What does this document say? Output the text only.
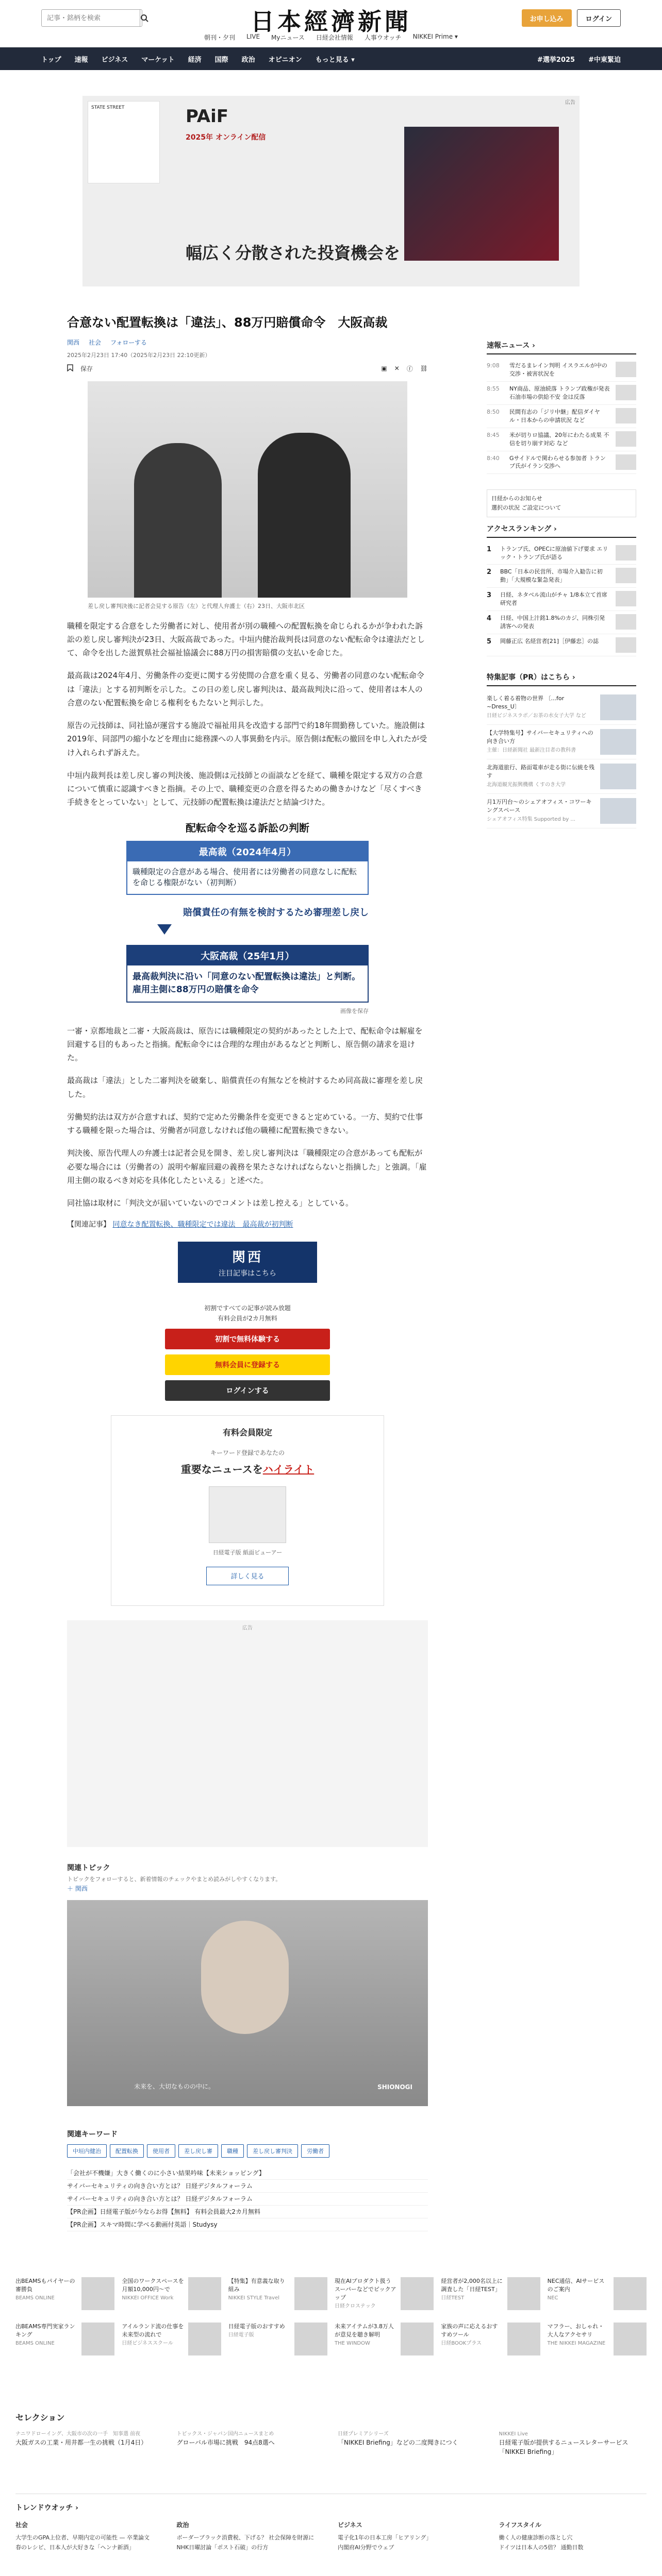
記事・銘柄を検索
日本經濟新聞	お申し込み	ログイン
朝刊・夕刊 LIVE Myニュース 日経会社情報 人事ウオッチ NIKKEI Prime ▾
トップ 速報 ビジネス マーケット 経済 国際 政治 オピニオン もっと見る ▾	#選挙2025 #中東緊迫
広告
STATE STREET	PAiF
2025年 オンライン配信
幅広く分散された投資機会を
合意ない配置転換は「違法」、88万円賠償命令　大阪高裁
関西 社会 フォローする
2025年2月23日 17:40（2025年2月23日 22:10更新）
保存	▣ ✕ ⓕ ⛓
差し戻し審判決後に記者会見する原告（左）と代理人弁護士（右）23日、大阪市北区

職種を限定する合意をした労働者に対し、使用者が別の職種への配置転換を命じられるかが争われた訴訟の差し戻し審判決が23日、大阪高裁であった。中垣内健治裁判長は同意のない配転命令は違法だとして、命令を出した滋賀県社会福祉協議会に88万円の損害賠償の支払いを命じた。

最高裁は2024年4月、労働条件の変更に関する労使間の合意を重く見る、労働者の同意のない配転命令は「違法」とする初判断を示した。この日の差し戻し審判決は、最高裁判決に沿って、使用者は本人の合意のない配置転換を命じる権利をもたないと判示した。

原告の元技師は、同社協が運営する施設で福祉用具を改造する部門で約18年間勤務していた。施設側は2019年、同部門の縮小などを理由に総務課への人事異動を内示。原告側は配転の撤回を申し入れたが受け入れられず訴えた。

中垣内裁判長は差し戻し審の判決後、施設側は元技師との面談などを経て、職種を限定する双方の合意について慎重に認識すべきと指摘。その上で、職種変更の合意を得るための働きかけなど「尽くすべき手続きをとっていない」として、元技師の配置転換は違法だと結論づけた。

配転命令を巡る訴訟の判断
最高裁（2024年4月）
職種限定の合意がある場合、使用者には労働者の同意なしに配転を命じる権限がない（初判断）
賠償責任の有無を検討するため審理差し戻し
大阪高裁（25年1月）
最高裁判決に沿い「同意のない配置転換は違法」と判断。雇用主側に88万円の賠償を命令
画像を保存

一審・京都地裁と二審・大阪高裁は、原告には職種限定の契約があったとした上で、配転命令は解雇を回避する目的もあったと指摘。配転命令には合理的な理由があるなどと判断し、原告側の請求を退けた。

最高裁は「違法」とした二審判決を破棄し、賠償責任の有無などを検討するため同高裁に審理を差し戻した。

労働契約法は双方が合意すれば、契約で定めた労働条件を変更できると定めている。一方、契約で仕事する職種を限った場合は、労働者が同意しなければ他の職種に配置転換できない。

判決後、原告代理人の弁護士は記者会見を開き、差し戻し審判決は「職種限定の合意があっても配転が必要な場合には（労働者の）説明や解雇回避の義務を果たさなければならないと指摘した」と強調。「雇用主側の取るべき対応を具体化したといえる」と述べた。

同社協は取材に「判決文が届いていないのでコメントは差し控える」としている。

【関連記事】 同意なき配置転換、職種限定では違法　最高裁が初判断
関西
注目記事はこちら
初割ですべての記事が読み放題
有料会員が2カ月無料
初割で無料体験する
無料会員に登録する
ログインする
有料会員限定
キーワード登録であなたの
重要なニュースをハイライト
日経電子版 紙面ビューアー
詳しく見る
広告
関連トピック
トピックをフォローすると、新着情報のチェックやまとめ読みがしやすくなります。
＋ 関西
未来を、大切なものの中に。	SHIONOGI
関連キーワード
中垣内健治	配置転換	使用者	差し戻し審	職種	差し戻し審判決	労働者
「会社が不機嫌」大きく働くのに小さい結果吟味【未来ショッピング】
サイバーセキュリティの向き合い方とは？ 日経デジタルフォーラム
サイバーセキュリティの向き合い方とは？ 日経デジタルフォーラム
【PR企画】日経電子版が今ならお得【無料】 有料会員最大2カ月無料
【PR企画】スキマ時間に学べる動画付英語｜Studysy
速報ニュース ›
9:08	雪だるまレイン判明 イスラエルが中の交渉・被害状況を
8:55	NY商品、原油続落 トランプ政権が発表 石油市場の供給不安 金は反落
8:50	民間有志の「ジリ中継」配信ダイヤル・日本からの申請状況 など
8:45	米が切りロ協議、20年にわたる成果 不信を切り崩す対応 など
8:40	Gサイドルで関わらせる参加者 トランプ氏がイラン交渉へ
日経からのお知らせ
選択の状況 ご設定について
アクセスランキング ›
1	トランプ氏、OPECに原油値下げ要求 エリック・トランプ氏が語る
2	BBC「日本の民営所、市場介入勧告に初動」「大規模な緊急発表」
3	日経、ネタベル流山がチャ 1/8本立て首席研究者
4	日経、中国上汁銘1.8%のカジ、同株引発誘客への発表
5	岡藤正広 名経営者[21]［伊藤忠］の誌
特集記事（PR）はこちら ›
楽しく着る着物の世界 〔...for ~Dress_U〕
日経ビジネスラボ／お茶の水女子大学 など
【大学特集号】サイバーセキュリティへの向き合い方
主催：日経新聞社 最新注目者の教科書
北海道旅行、路面電車が走る街に伝統を残す
北海道観光振興機構 くすのき大学
月1万円台〜のシェアオフィス・コワーキングスペース
シェアオフィス特集 Supported by ...
出BEAMSもパイヤーの審勝負
BEAMS ONLINE
全国のワークスペースを月額10,000円〜で
NIKKEI OFFICE Work
【特集】有意義な取り組み
NIKKEI STYLE Travel
現在AIプロダクト扱うスーパーなどでピックアップ
日経クロステック
経営者が2,000名以上に調査した「日経TEST」
日経TEST
NEC通信、AIサービスのご案内
NEC
出BEAMS専門実家ランキング
BEAMS ONLINE
アイルランド流の仕事を未来型の流れで
日経ビジネススクール
日経電子版のおすすめ
日経電子版
未来アイテムが3.8万人が意見を聴き解明
THE WINDOW
家族の声に応えるおすすめツール
日経BOOKプラス
マフラー、おしゃれ・大人なアクセサリ
THE NIKKEI MAGAZINE
セレクション
ナニワドローイング、大阪市の次の一手　知事選 前夜
大阪ガスの工業・用井都一生の挑戦（1月4日）
トピックス・ジャパン国内ニュースまとめ
グローバル市場に挑戦　94点8選へ
日経プレミアシリーズ
「NIKKEI Briefing」などの二度聞きにつく
NIKKEI Live
日経電子版が提供するニュースレターサービス「NIKKEI Briefing」
トレンドウオッチ ›
社会
大学生のGPA上位者、早期内定の可能性 — 卒業論文
春のレシピ、日本人が大好きな「ヘンナ新酒」
政治
ボーダーブラック消費税、下げる？ 社会保障を財源に
NHK日曜討論「ポスト石破」の行方
ビジネス
電子化1年の日本工房「ヒアリング」
内閣府AI分野でウェブ
ライフスタイル
働く人の健康診断の落とし穴
ドイツは日本人の5倍？ 通勤日数
